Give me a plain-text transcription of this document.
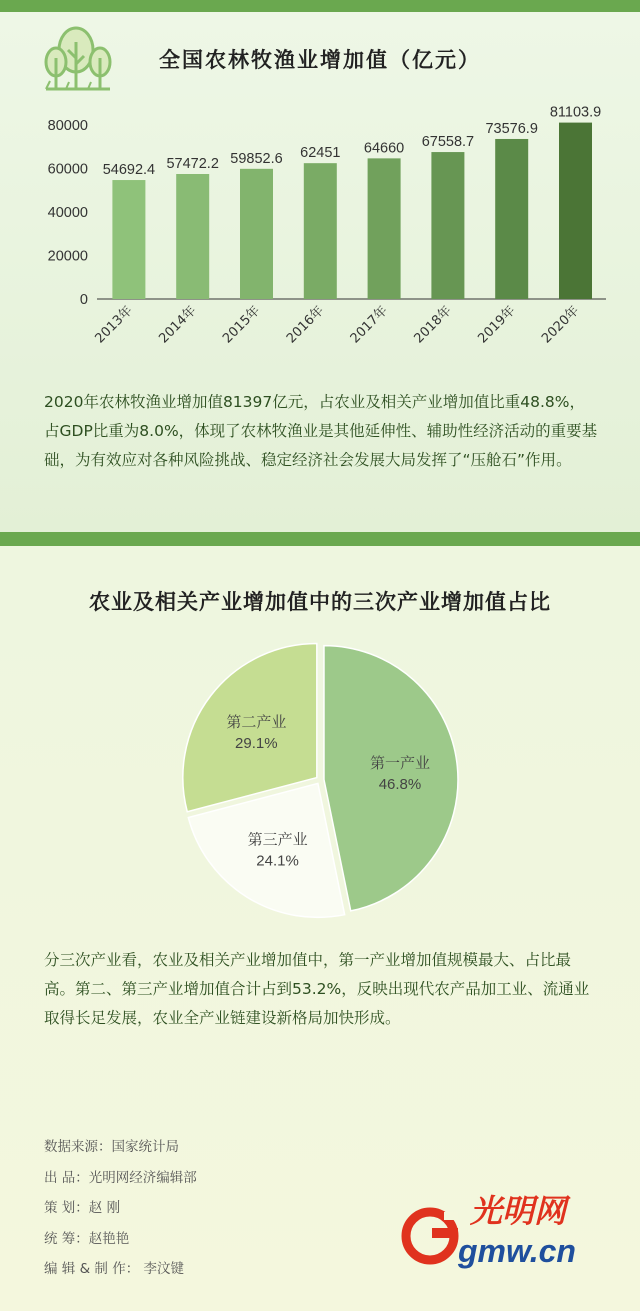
全国农林牧渔业增加值（亿元）
80000
60000
40000
20000
0
54692.4
2013年
57472.2
2014年
59852.6
2015年
62451
2016年
64660
2017年
67558.7
2018年
73576.9
2019年
81103.9
2020年
2020年农林牧渔业增加值81397亿元，占农业及相关产业增加值比重48.8%，占GDP比重为8.0%，体现了农林牧渔业是其他延伸性、辅助性经济活动的重要基础，为有效应对各种风险挑战、稳定经济社会发展大局发挥了“压舱石”作用。
农业及相关产业增加值中的三次产业增加值占比
第一产业
46.8%
第三产业
24.1%
第二产业
29.1%
分三次产业看，农业及相关产业增加值中，第一产业增加值规模最大、占比最高。第二、第三产业增加值合计占到53.2%，反映出现代农产品加工业、流通业取得长足发展，农业全产业链建设新格局加快形成。
数据来源：国家统计局
出 品：光明网经济编辑部
策 划：赵 刚
统 筹：赵艳艳
编 辑 & 制 作： 李汶键
光明网
gmw.cn
